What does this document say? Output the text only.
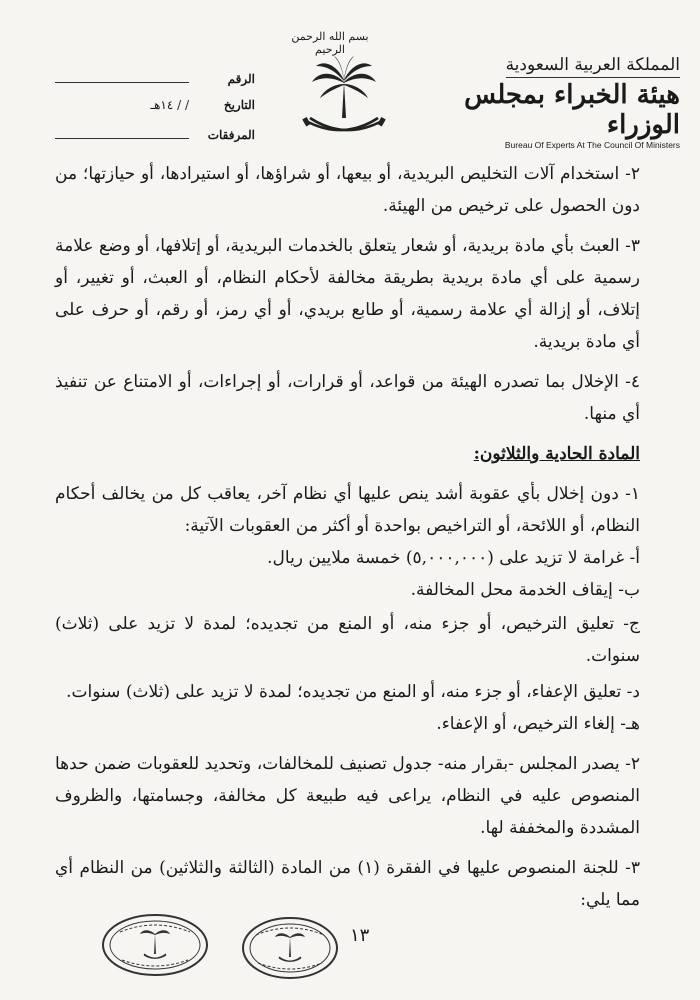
بسم الله الرحمن الرحيم
المملكة العربية السعودية
هيئة الخبراء بمجلس الوزراء
Bureau Of Experts At The Council Of Ministers
الرقم
التاريخ
/ / ١٤هـ
المرفقات

٢- استخدام آلات التخليص البريدية، أو بيعها، أو شراؤها، أو استيرادها، أو حيازتها؛ من دون الحصول على ترخيص من الهيئة.

٣- العبث بأي مادة بريدية، أو شعار يتعلق بالخدمات البريدية، أو إتلافها، أو وضع علامة رسمية على أي مادة بريدية بطريقة مخالفة لأحكام النظام، أو العبث، أو تغيير، أو إتلاف، أو إزالة أي علامة رسمية، أو طابع بريدي، أو أي رمز، أو رقم، أو حرف على أي مادة بريدية.

٤- الإخلال بما تصدره الهيئة من قواعد، أو قرارات، أو إجراءات، أو الامتناع عن تنفيذ أي منها.

المادة الحادية والثلاثون:

١- دون إخلال بأي عقوبة أشد ينص عليها أي نظام آخر، يعاقب كل من يخالف أحكام النظام، أو اللائحة، أو التراخيص بواحدة أو أكثر من العقوبات الآتية:

أ- غرامة لا تزيد على (٥,٠٠٠,٠٠٠) خمسة ملايين ريال.

ب- إيقاف الخدمة محل المخالفة.

ج- تعليق الترخيص، أو جزء منه، أو المنع من تجديده؛ لمدة لا تزيد على (ثلاث) سنوات.

د- تعليق الإعفاء، أو جزء منه، أو المنع من تجديده؛ لمدة لا تزيد على (ثلاث) سنوات.

هـ- إلغاء الترخيص، أو الإعفاء.

٢- يصدر المجلس -بقرار منه- جدول تصنيف للمخالفات، وتحديد للعقوبات ضمن حدها المنصوص عليه في النظام، يراعى فيه طبيعة كل مخالفة، وجسامتها، والظروف المشددة والمخففة لها.

٣- للجنة المنصوص عليها في الفقرة (١) من المادة (الثالثة والثلاثين) من النظام أي مما يلي:

١٣
